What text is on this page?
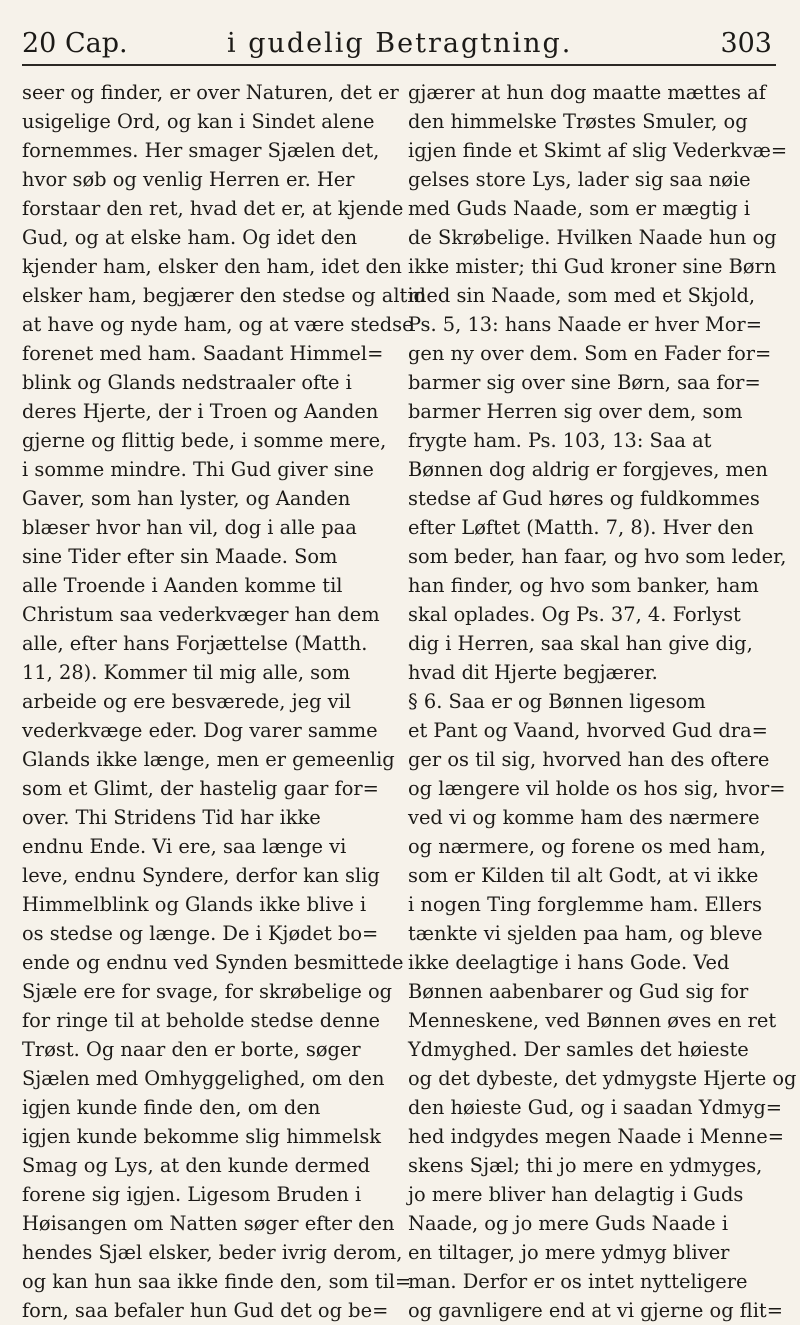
20 Cap.	i gudelig Betragtning.	303

seer og finder, er over Naturen, det er

usigelige Ord, og kan i Sindet alene

fornemmes. Her smager Sjælen det,

hvor søb og venlig Herren er. Her

forstaar den ret, hvad det er, at kjende

Gud, og at elske ham. Og idet den

kjender ham, elsker den ham, idet den

elsker ham, begjærer den stedse og altid

at have og nyde ham, og at være stedse

forenet med ham. Saadant Himmel=

blink og Glands nedstraaler ofte i

deres Hjerte, der i Troen og Aanden

gjerne og flittig bede, i somme mere,

i somme mindre. Thi Gud giver sine

Gaver, som han lyster, og Aanden

blæser hvor han vil, dog i alle paa

sine Tider efter sin Maade. Som

alle Troende i Aanden komme til

Christum saa vederkvæger han dem

alle, efter hans Forjættelse (Matth.

11, 28). Kommer til mig alle, som

arbeide og ere besværede, jeg vil

vederkvæge eder. Dog varer samme

Glands ikke længe, men er gemeenlig

som et Glimt, der hastelig gaar for=

over. Thi Stridens Tid har ikke

endnu Ende. Vi ere, saa længe vi

leve, endnu Syndere, derfor kan slig

Himmelblink og Glands ikke blive i

os stedse og længe. De i Kjødet bo=

ende og endnu ved Synden besmittede

Sjæle ere for svage, for skrøbelige og

for ringe til at beholde stedse denne

Trøst. Og naar den er borte, søger

Sjælen med Omhyggelighed, om den

igjen kunde finde den, om den

igjen kunde bekomme slig himmelsk

Smag og Lys, at den kunde dermed

forene sig igjen. Ligesom Bruden i

Høisangen om Natten søger efter den

hendes Sjæl elsker, beder ivrig derom,

og kan hun saa ikke finde den, som til=

forn, saa befaler hun Gud det og be=

gjærer at hun dog maatte mættes af

den himmelske Trøstes Smuler, og

igjen finde et Skimt af slig Vederkvæ=

gelses store Lys, lader sig saa nøie

med Guds Naade, som er mægtig i

de Skrøbelige. Hvilken Naade hun og

ikke mister; thi Gud kroner sine Børn

med sin Naade, som med et Skjold,

Ps. 5, 13: hans Naade er hver Mor=

gen ny over dem. Som en Fader for=

barmer sig over sine Børn, saa for=

barmer Herren sig over dem, som

frygte ham. Ps. 103, 13: Saa at

Bønnen dog aldrig er forgjeves, men

stedse af Gud høres og fuldkommes

efter Løftet (Matth. 7, 8). Hver den

som beder, han faar, og hvo som leder,

han finder, og hvo som banker, ham

skal oplades. Og Ps. 37, 4. Forlyst

dig i Herren, saa skal han give dig,

hvad dit Hjerte begjærer.

§ 6. Saa er og Bønnen ligesom

et Pant og Vaand, hvorved Gud dra=

ger os til sig, hvorved han des oftere

og længere vil holde os hos sig, hvor=

ved vi og komme ham des nærmere

og nærmere, og forene os med ham,

som er Kilden til alt Godt, at vi ikke

i nogen Ting forglemme ham. Ellers

tænkte vi sjelden paa ham, og bleve

ikke deelagtige i hans Gode. Ved

Bønnen aabenbarer og Gud sig for

Menneskene, ved Bønnen øves en ret

Ydmyghed. Der samles det høieste

og det dybeste, det ydmygste Hjerte og

den høieste Gud, og i saadan Ydmyg=

hed indgydes megen Naade i Menne=

skens Sjæl; thi jo mere en ydmyges,

jo mere bliver han delagtig i Guds

Naade, og jo mere Guds Naade i

en tiltager, jo mere ydmyg bliver

man. Derfor er os intet nytteligere

og gavnligere end at vi gjerne og flit=
